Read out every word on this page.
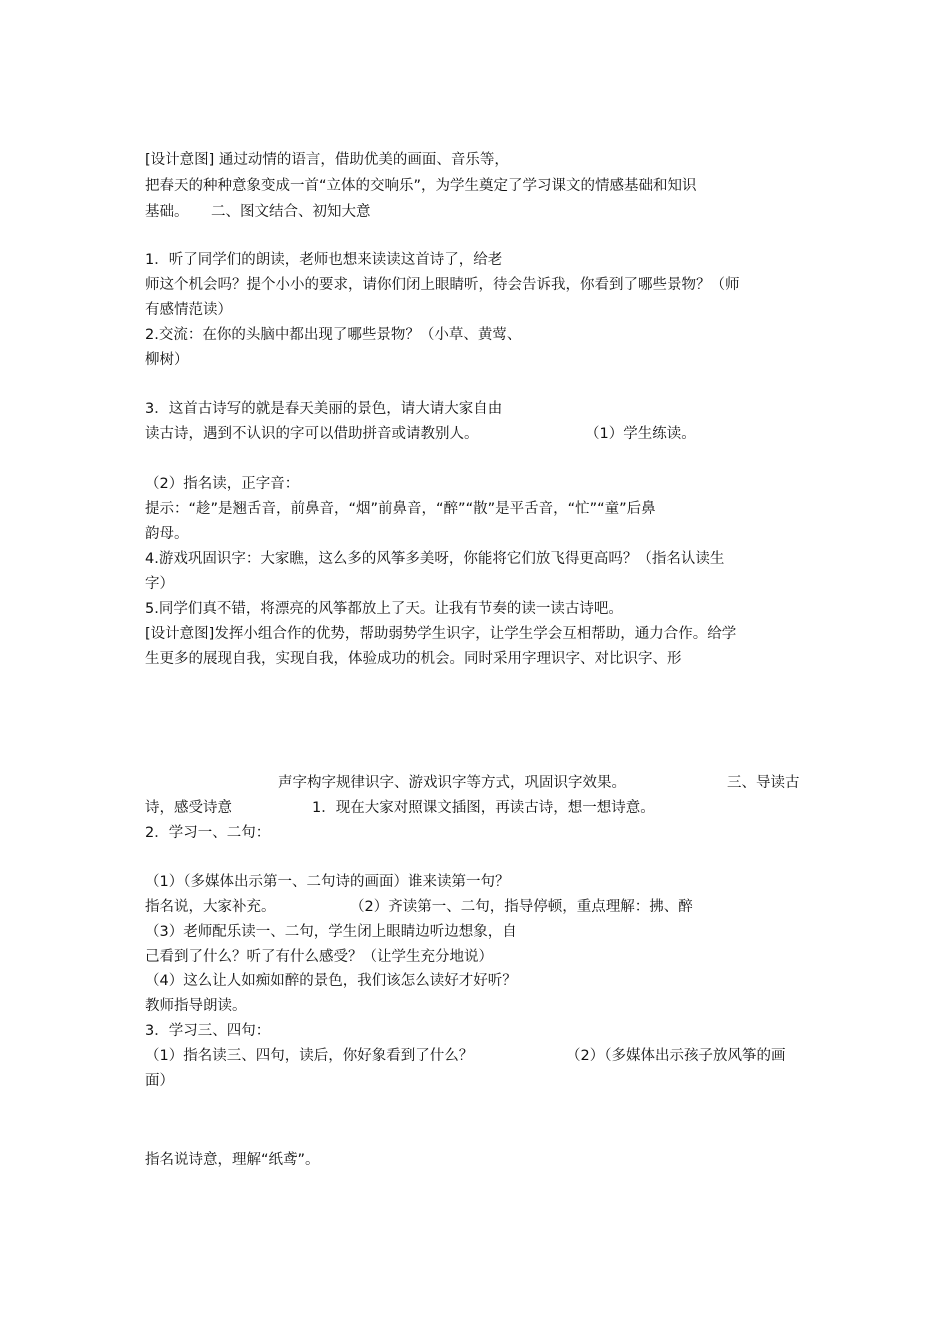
[设计意图] 通过动情的语言，借助优美的画面、音乐等，

把春天的种种意象变成一首“立体的交响乐”，为学生奠定了学习课文的情感基础和知识

基础。 二、图文结合、初知大意

1．听了同学们的朗读，老师也想来读读这首诗了，给老

师这个机会吗？提个小小的要求，请你们闭上眼睛听，待会告诉我，你看到了哪些景物？（师

有感情范读）

2.交流：在你的头脑中都出现了哪些景物？（小草、黄莺、

柳树）

3．这首古诗写的就是春天美丽的景色，请大请大家自由

读古诗，遇到不认识的字可以借助拼音或请教别人。	（1）学生练读。

（2）指名读，正字音：

提示：“趁”是翘舌音，前鼻音，“烟”前鼻音，“醉”“散”是平舌音，“忙”“童”后鼻

韵母。

4.游戏巩固识字：大家瞧，这么多的风筝多美呀，你能将它们放飞得更高吗？（指名认读生

字）

5.同学们真不错，将漂亮的风筝都放上了天。让我有节奏的读一读古诗吧。

[设计意图]发挥小组合作的优势，帮助弱势学生识字，让学生学会互相帮助，通力合作。给学

生更多的展现自我，实现自我，体验成功的机会。同时采用字理识字、对比识字、形

声字构字规律识字、游戏识字等方式，巩固识字效果。	三、导读古
诗，感受诗意	1．现在大家对照课文插图，再读古诗，想一想诗意。

2．学习一、二句：

（1）（多媒体出示第一、二句诗的画面）谁来读第一句？

指名说，大家补充。	（2）齐读第一、二句，指导停顿，重点理解：拂、醉

（3）老师配乐读一、二句，学生闭上眼睛边听边想象，自

己看到了什么？听了有什么感受？（让学生充分地说）

（4）这么让人如痴如醉的景色，我们该怎么读好才好听？

教师指导朗读。

3．学习三、四句：

（1）指名读三、四句，读后，你好象看到了什么？	（2）（多媒体出示孩子放风筝的画

面）

指名说诗意，理解“纸鸢”。
